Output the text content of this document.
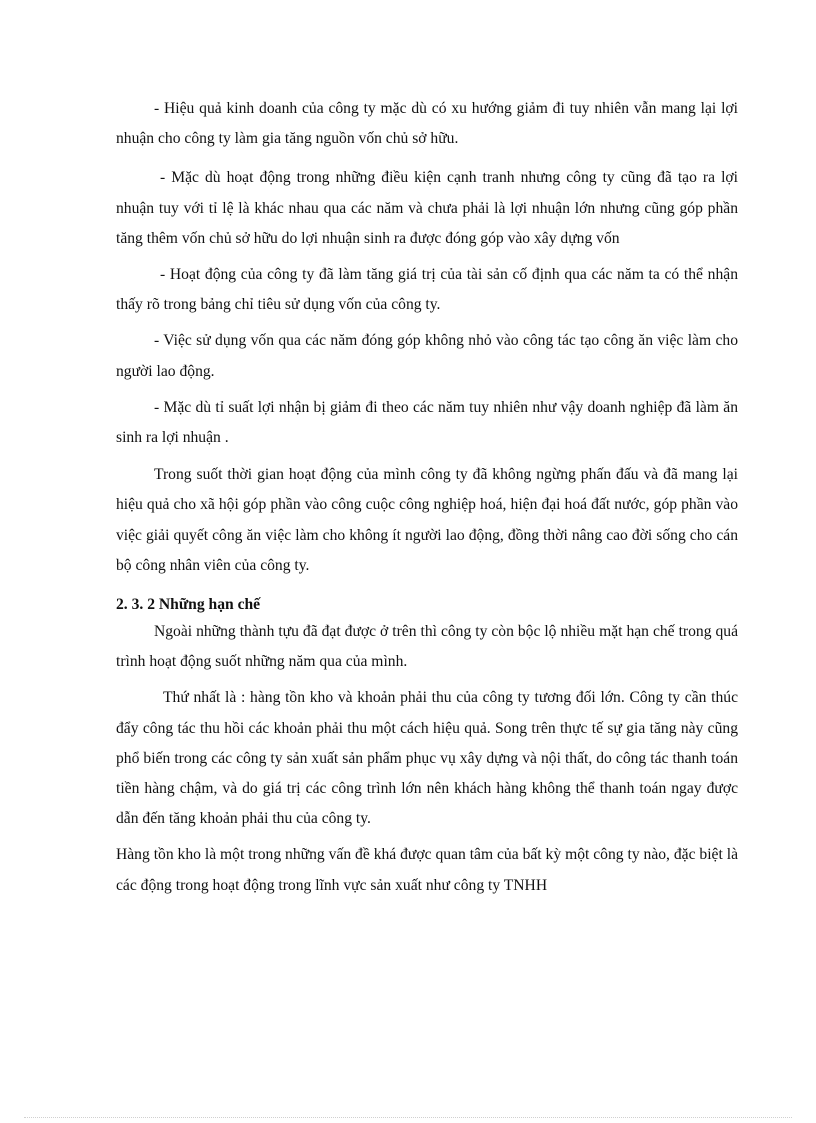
- Hiệu quả kinh doanh của công ty mặc dù có xu hướng giảm đi tuy nhiên vẫn mang lại lợi nhuận cho công ty làm gia tăng nguồn vốn chủ sở hữu.

- Mặc dù hoạt động trong những điều kiện cạnh tranh nhưng công ty cũng đã tạo ra lợi nhuận tuy với tỉ lệ là khác nhau qua các năm và chưa phải là lợi nhuận lớn nhưng cũng góp phần tăng thêm vốn chủ sở hữu do lợi nhuận sinh ra được đóng góp vào xây dựng vốn

- Hoạt động của công ty đã làm tăng giá trị của tài sản cố định qua các năm ta có thể nhận thấy rõ trong bảng chỉ tiêu sử dụng vốn của công ty.

- Việc sử dụng vốn qua các năm đóng góp không nhỏ vào công tác tạo công ăn việc làm cho người lao động.

- Mặc dù tỉ suất lợi nhận bị giảm đi theo các năm tuy nhiên như vậy doanh nghiệp đã làm ăn sinh ra lợi nhuận .

Trong suốt thời gian hoạt động của mình công ty đã không ngừng phấn đấu và đã mang lại hiệu quả cho xã hội góp phần vào công cuộc công nghiệp hoá, hiện đại hoá đất nước, góp phần vào việc giải quyết công ăn việc làm cho không ít người lao động, đồng thời nâng cao đời sống cho cán bộ công nhân viên của công ty.

2. 3. 2 Những hạn chế

Ngoài những thành tựu đã đạt được ở trên thì công ty còn bộc lộ nhiều mặt hạn chế trong quá trình hoạt động suốt những năm qua của mình.

Thứ nhất là : hàng tồn kho và khoản phải thu của công ty tương đối lớn. Công ty cần thúc đẩy công tác thu hồi các khoản phải thu một cách hiệu quả. Song trên thực tế sự gia tăng này cũng phổ biến trong các công ty sản xuất sản phẩm phục vụ xây dựng và nội thất, do công tác thanh toán tiền hàng chậm, và do giá trị các công trình lớn nên khách hàng không thể thanh toán ngay được dẫn đến tăng khoản phải thu của công ty.

Hàng tồn kho là một trong những vấn đề khá được quan tâm của bất kỳ một công ty nào, đặc biệt là các động trong hoạt động trong lĩnh vực sản xuất như công ty TNHH
